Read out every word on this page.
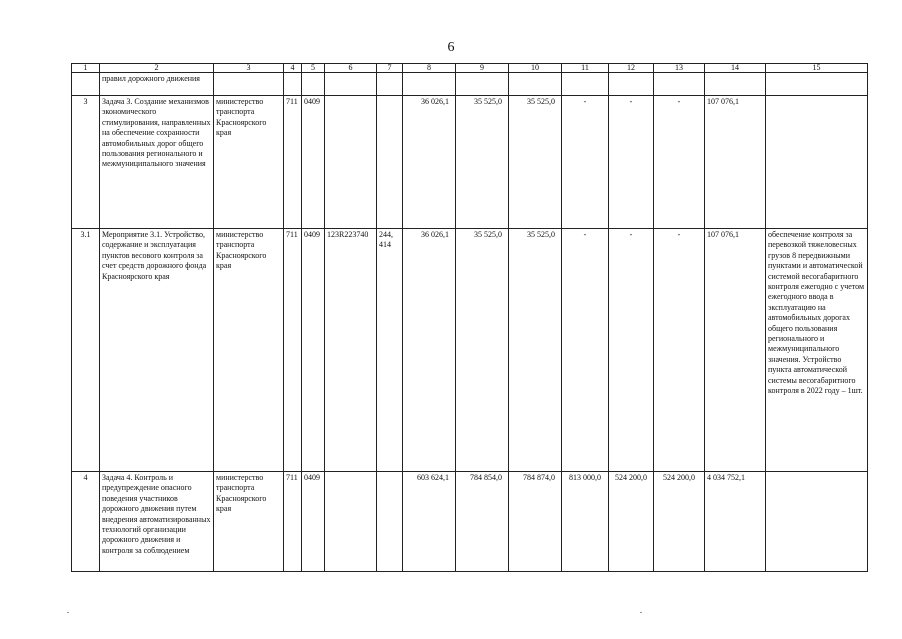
6
1	2	3	4	5	6	7	8	9	10	11	12	13	14	15
	правил дорожного движения													
3	Задача 3. Создание механизмов экономического стимулирования, направленных на обеспечение сохранности автомобильных дорог общего пользования регионального и межмуниципального значения	министерство транспорта Красноярского края	711	0409			36 026,1	35 525,0	35 525,0	-	-	-	107 076,1	
3.1	Мероприятие 3.1. Устройство, содержание и эксплуатация пунктов весового контроля за счет средств дорожного фонда Красноярского края	министерство транспорта Красноярского края	711	0409	123R223740	244, 414	36 026,1	35 525,0	35 525,0	-	-	-	107 076,1	обеспечение контроля за перевозкой тяжеловесных грузов 8 передвижными пунктами и автоматической системой весогабаритного контроля ежегодно с учетом ежегодного ввода в эксплуатацию на автомобильных дорогах общего пользования регионального и межмуниципального значения. Устройство пункта автоматической системы весогабаритного контроля в 2022 году – 1шт.
4	Задача 4. Контроль и предупреждение опасного поведения участников дорожного движения путем внедрения автоматизированных технологий организации дорожного движения и контроля за соблюдением	министерство транспорта Красноярского края	711	0409			603 624,1	784 854,0	784 874,0	813 000,0	524 200,0	524 200,0	4 034 752,1	
